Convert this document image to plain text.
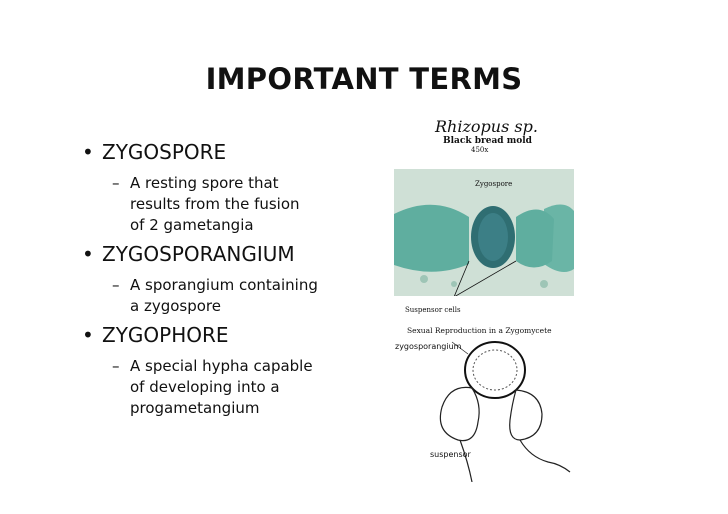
IMPORTANT TERMS
• ZYGOSPORE
– A resting spore that
results from the fusion
of 2 gametangia
• ZYGOSPORANGIUM
– A sporangium containing
a zygospore
• ZYGOPHORE
– A special hypha capable
of developing into a
progametangium
Rhizopus sp.
Black bread mold
450x
Zygospore
Suspensor cells
Sexual Reproduction in a Zygomycete
zygosporangium
suspensor
